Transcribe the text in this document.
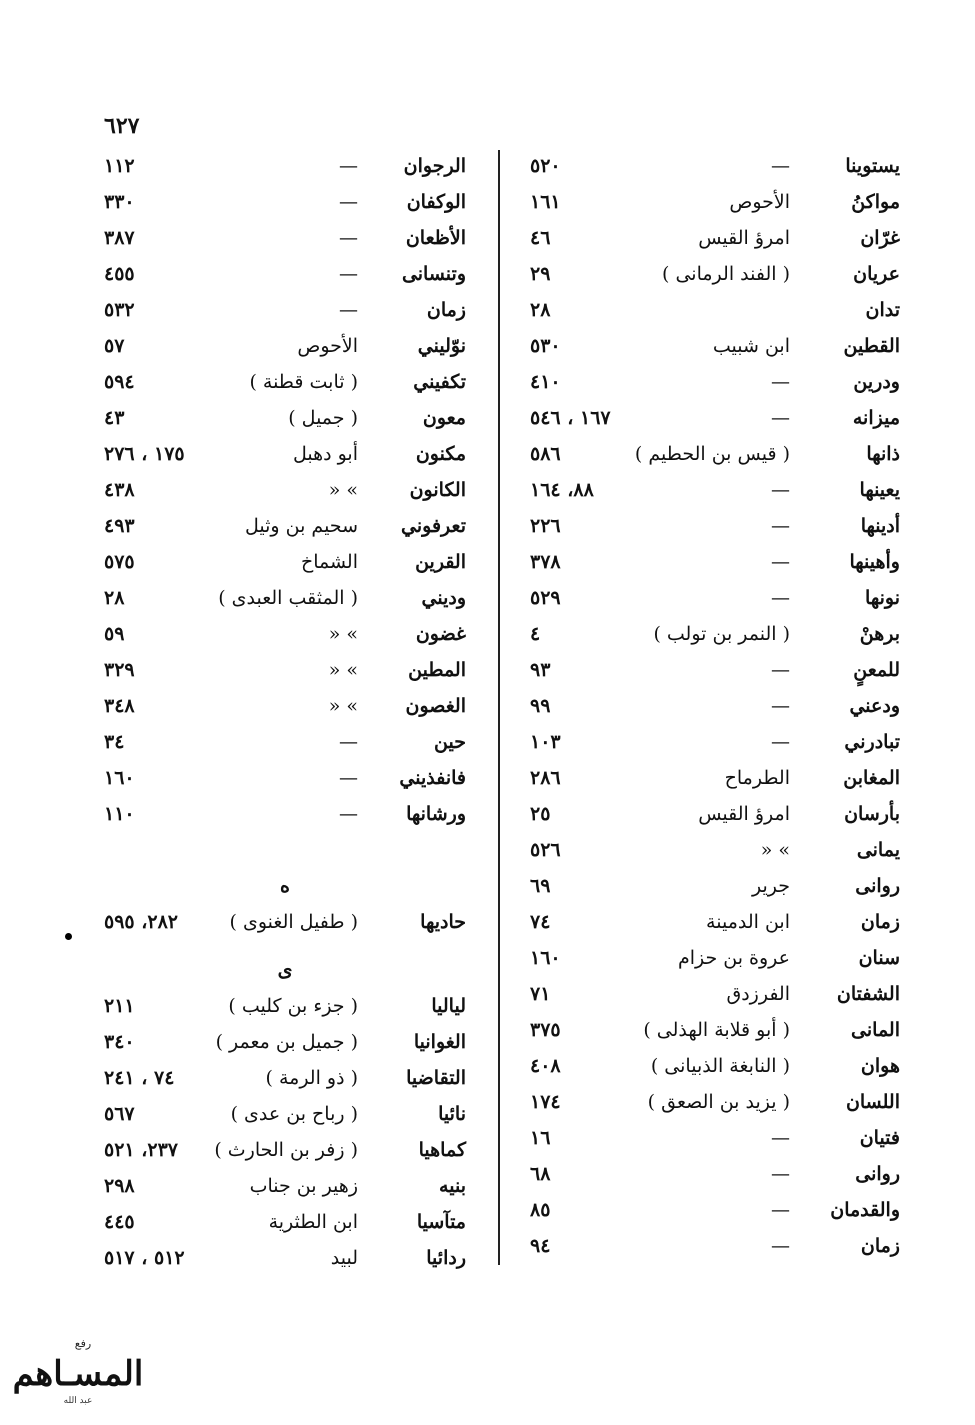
٦٢٧
يستوينا
—
٥٢٠
مواكنُ
الأحوص
١٦١
غرّان
امرؤ القيس
٤٦
عريان
( الفند الرمانى )
٢٩
تدان
٢٨
القطين
ابن شبيب
٥٣٠
ودرين
—
٤١٠
ميزانه
—
١٦٧ ، ٥٤٦
ذانها
( قيس بن الحطيم )
٥٨٦
يعينها
—
٨٨، ١٦٤
أدينها
—
٢٢٦
وأهينها
—
٣٧٨
نونها
—
٥٢٩
برهنْ
( النمر بن تولب )
٤
للمعنٍ
—
٩٣
ودعني
—
٩٩
تبادرني
—
١٠٣
المغابن
الطرماح
٢٨٦
بأرسان
امرؤ القيس
٢٥
يمانى
» «
٥٢٦
روانى
جرير
٦٩
زمان
ابن الدمينة
٧٤
سنان
عروة بن حزام
١٦٠
الشفتان
الفرزدق
٧١
المانى
( أبو قلابة الهذلى )
٣٧٥
هوان
( النابغة الذبيانى )
٤٠٨
اللسان
( يزيد بن الصعق )
١٧٤
فتيان
—
١٦
روانى
—
٦٨
والقدمان
—
٨٥
زمان
—
٩٤
الرجوان
—
١١٢
الوكفان
—
٣٣٠
الأظعان
—
٣٨٧
وتنسانى
—
٤٥٥
زمان
—
٥٣٢
نوّليني
الأحوص
٥٧
تكفيني
( ثابت قطنة )
٥٩٤
معون
( جميل )
٤٣
مكنون
أبو دهبل
١٧٥ ، ٢٧٦
الكانون
» «
٤٣٨
تعرفوني
سحيم بن وثيل
٤٩٣
القرين
الشماخ
٥٧٥
وديني
( المثقب العبدى )
٢٨
غضون
» «
٥٩
المطين
» «
٣٢٩
الغصون
» «
٣٤٨
حين
—
٣٤
فانفذيني
—
١٦٠
ورشانها
—
١١٠
ه
حاديها
( طفيل الغنوى )
٢٨٢، ٥٩٥
ى
لياليا
( جزء بن كليب )
٢١١
الغوانيا
( جميل بن معمر )
٣٤٠
التقاضيا
( ذو الرمة )
٧٤ ، ٢٤١
نائيا
( رباح بن عدى )
٥٦٧
كماهيا
( زفر بن الحارث )
٢٣٧، ٥٢١
بنيه
زهير بن جناب
٢٩٨
متآسيا
ابن الطثرية
٤٤٥
ردائيا
لبيد
٥١٢ ، ٥١٧
رفع
المسـاهم
عبد الله
